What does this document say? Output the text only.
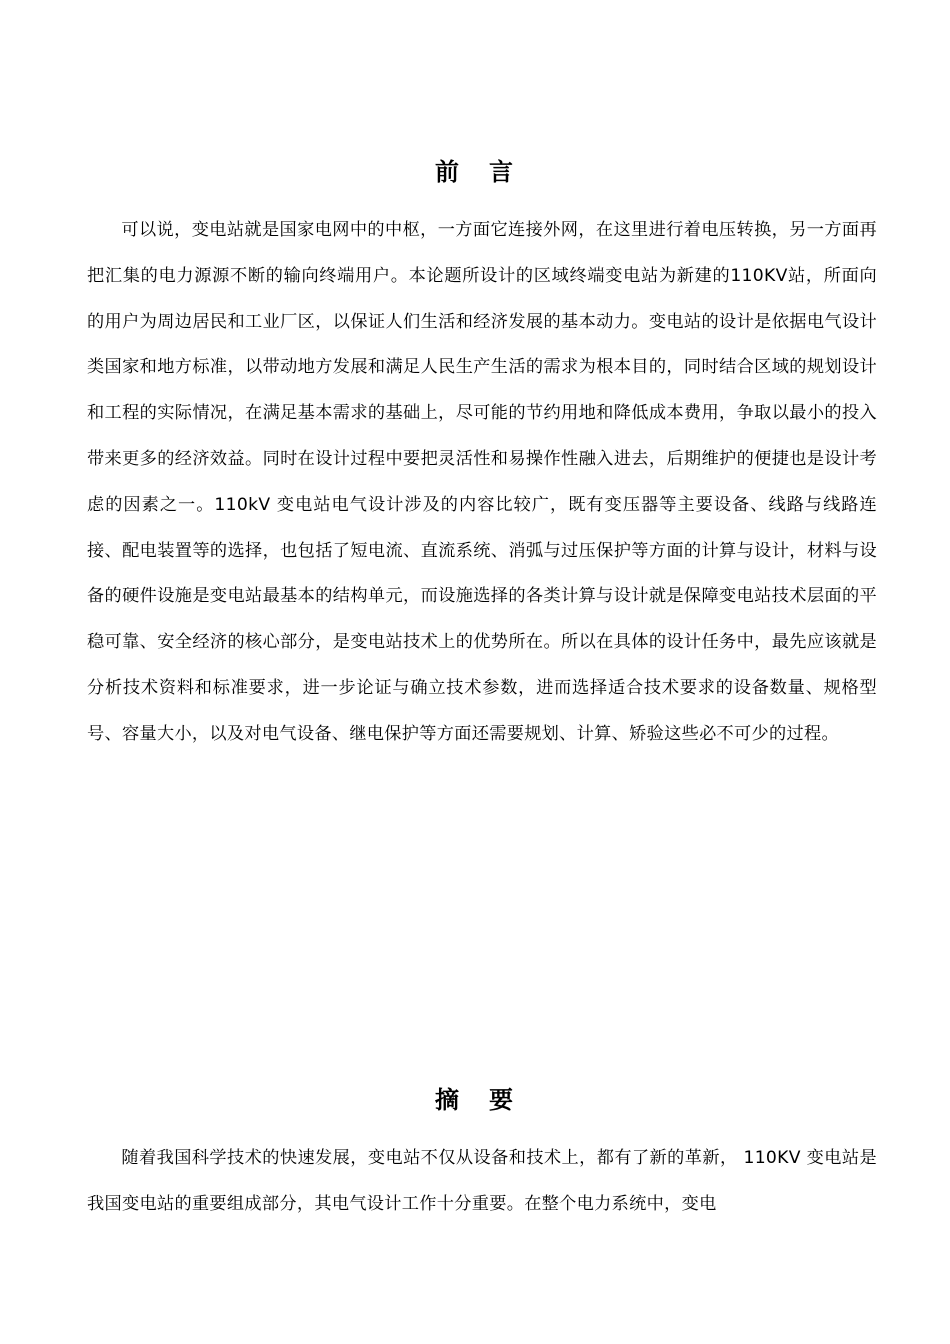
前 言

可以说，变电站就是国家电网中的中枢，一方面它连接外网，在这里进行着电压转换，另一方面再把汇集的电力源源不断的输向终端用户。本论题所设计的区域终端变电站为新建的110KV站，所面向的用户为周边居民和工业厂区，以保证人们生活和经济发展的基本动力。变电站的设计是依据电气设计类国家和地方标准，以带动地方发展和满足人民生产生活的需求为根本目的，同时结合区域的规划设计和工程的实际情况，在满足基本需求的基础上，尽可能的节约用地和降低成本费用，争取以最小的投入带来更多的经济效益。同时在设计过程中要把灵活性和易操作性融入进去，后期维护的便捷也是设计考虑的因素之一。110kV 变电站电气设计涉及的内容比较广，既有变压器等主要设备、线路与线路连接、配电装置等的选择，也包括了短电流、直流系统、消弧与过压保护等方面的计算与设计，材料与设备的硬件设施是变电站最基本的结构单元，而设施选择的各类计算与设计就是保障变电站技术层面的平稳可靠、安全经济的核心部分，是变电站技术上的优势所在。所以在具体的设计任务中，最先应该就是分析技术资料和标准要求，进一步论证与确立技术参数，进而选择适合技术要求的设备数量、规格型号、容量大小，以及对电气设备、继电保护等方面还需要规划、计算、矫验这些必不可少的过程。

摘 要

随着我国科学技术的快速发展，变电站不仅从设备和技术上，都有了新的革新， 110KV 变电站是我国变电站的重要组成部分，其电气设计工作十分重要。在整个电力系统中，变电
